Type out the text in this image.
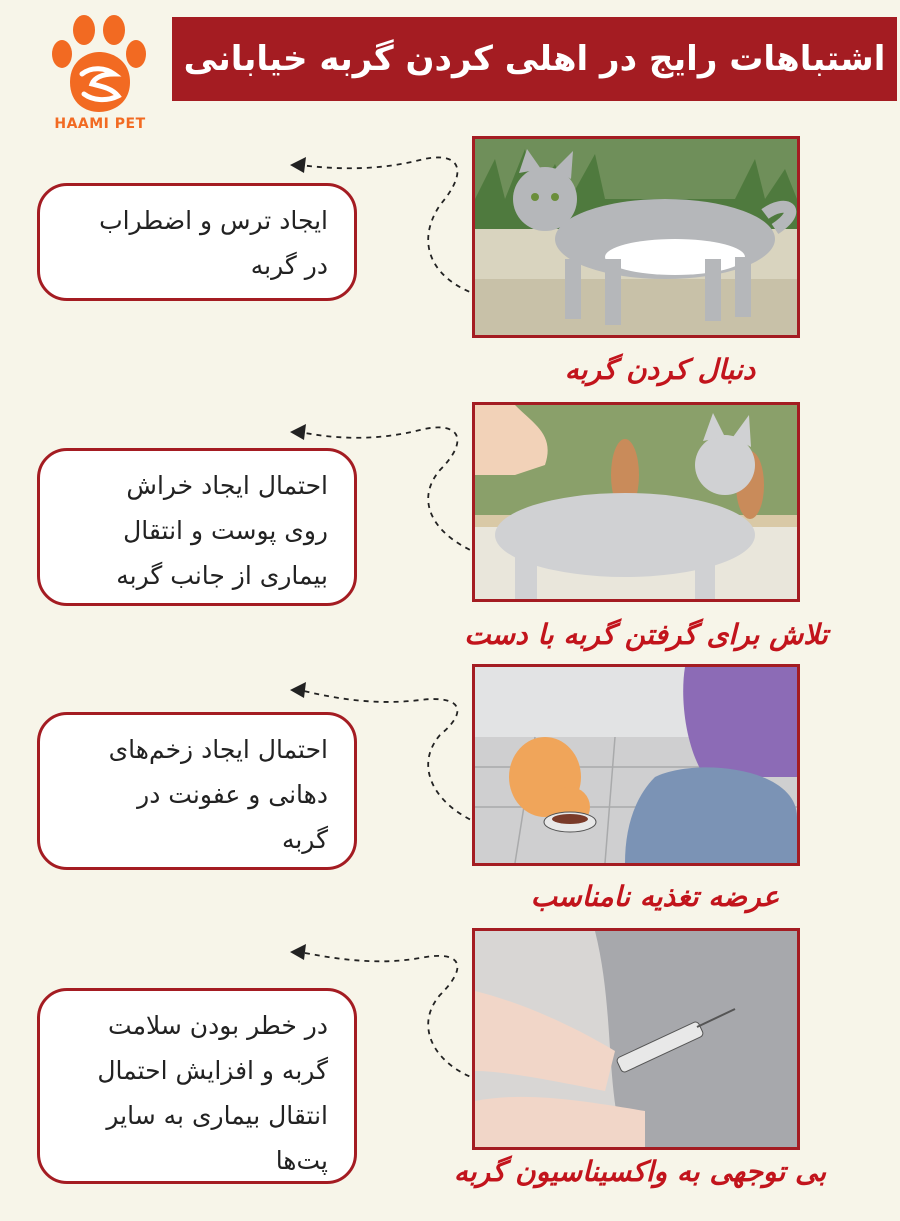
اشتباهات رایج در اهلی کردن گربه خیابانی
HAAMI PET
ایجاد ترس و اضطراب
در گربه
دنبال کردن گربه
احتمال ایجاد خراش
روی پوست و انتقال
بیماری از جانب گربه
تلاش برای گرفتن گربه با دست
احتمال ایجاد زخم‌های
دهانی و عفونت در
گربه
عرضه تغذیه نامناسب
در خطر بودن سلامت
گربه و افزایش احتمال
انتقال بیماری به سایر
پت‌ها	بی توجهی به واکسیناسیون گربه
